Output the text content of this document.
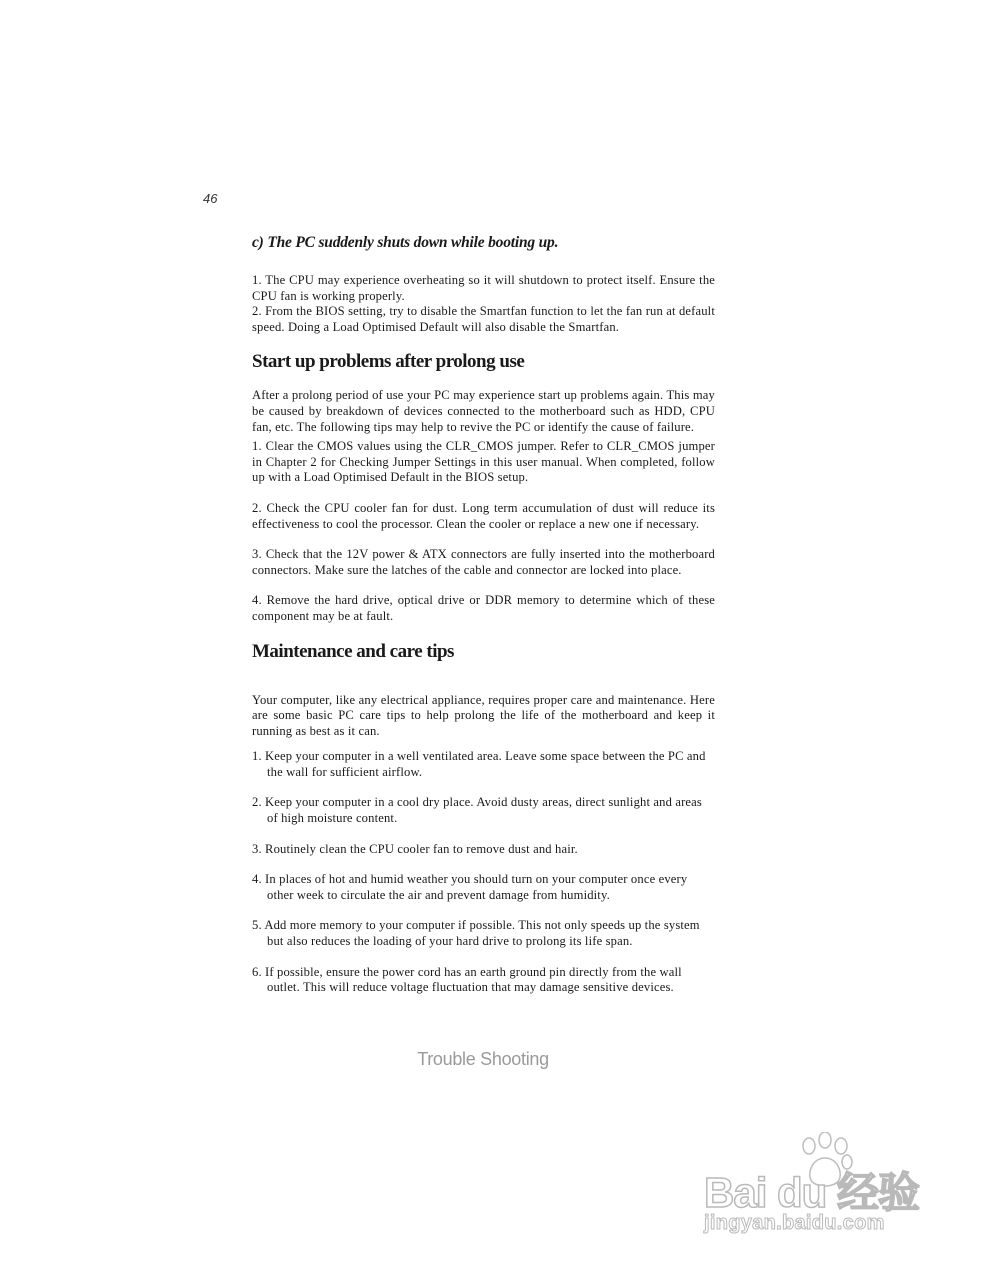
46
c) The PC suddenly shuts down while booting up.

1. The CPU may experience overheating so it will shutdown to protect itself. Ensure the CPU fan is working properly.

2. From the BIOS setting, try to disable the Smartfan function to let the fan run at default speed. Doing a Load Optimised Default will also disable the Smartfan.

Start up problems after prolong use

After a prolong period of use your PC may experience start up problems again. This may be caused by breakdown of devices connected to the motherboard such as HDD, CPU fan, etc. The following tips may help to revive the PC or identify the cause of failure.

1. Clear the CMOS values using the CLR_CMOS jumper. Refer to CLR_CMOS jumper in Chapter 2 for Checking Jumper Settings in this user manual. When completed, follow up with a Load Optimised Default in the BIOS setup.

2. Check the CPU cooler fan for dust. Long term accumulation of dust will reduce its effectiveness to cool the processor. Clean the cooler or replace a new one if necessary.

3. Check that the 12V power & ATX connectors are fully inserted into the motherboard connectors. Make sure the latches of the cable and connector are locked into place.

4. Remove the hard drive, optical drive or DDR memory to determine which of these component may be at fault.

Maintenance and care tips

Your computer, like any electrical appliance, requires proper care and maintenance. Here are some basic PC care tips to help prolong the life of the motherboard and keep it running as best as it can.

1. Keep your computer in a well ventilated area. Leave some space between the PC and the wall for sufficient airflow.

2. Keep your computer in a cool dry place. Avoid dusty areas, direct sunlight and areas of high moisture content.

3. Routinely clean the CPU cooler fan to remove dust and hair.

4. In places of hot and humid weather you should turn on your computer once every other week to circulate the air and prevent damage from humidity.

5. Add more memory to your computer if possible. This not only speeds up the system but also reduces the loading of your hard drive to prolong its life span.

6. If possible, ensure the power cord has an earth ground pin directly from the wall outlet. This will reduce voltage fluctuation that may damage sensitive devices.

Trouble Shooting
Bai du 经验
jingyan.baidu.com
